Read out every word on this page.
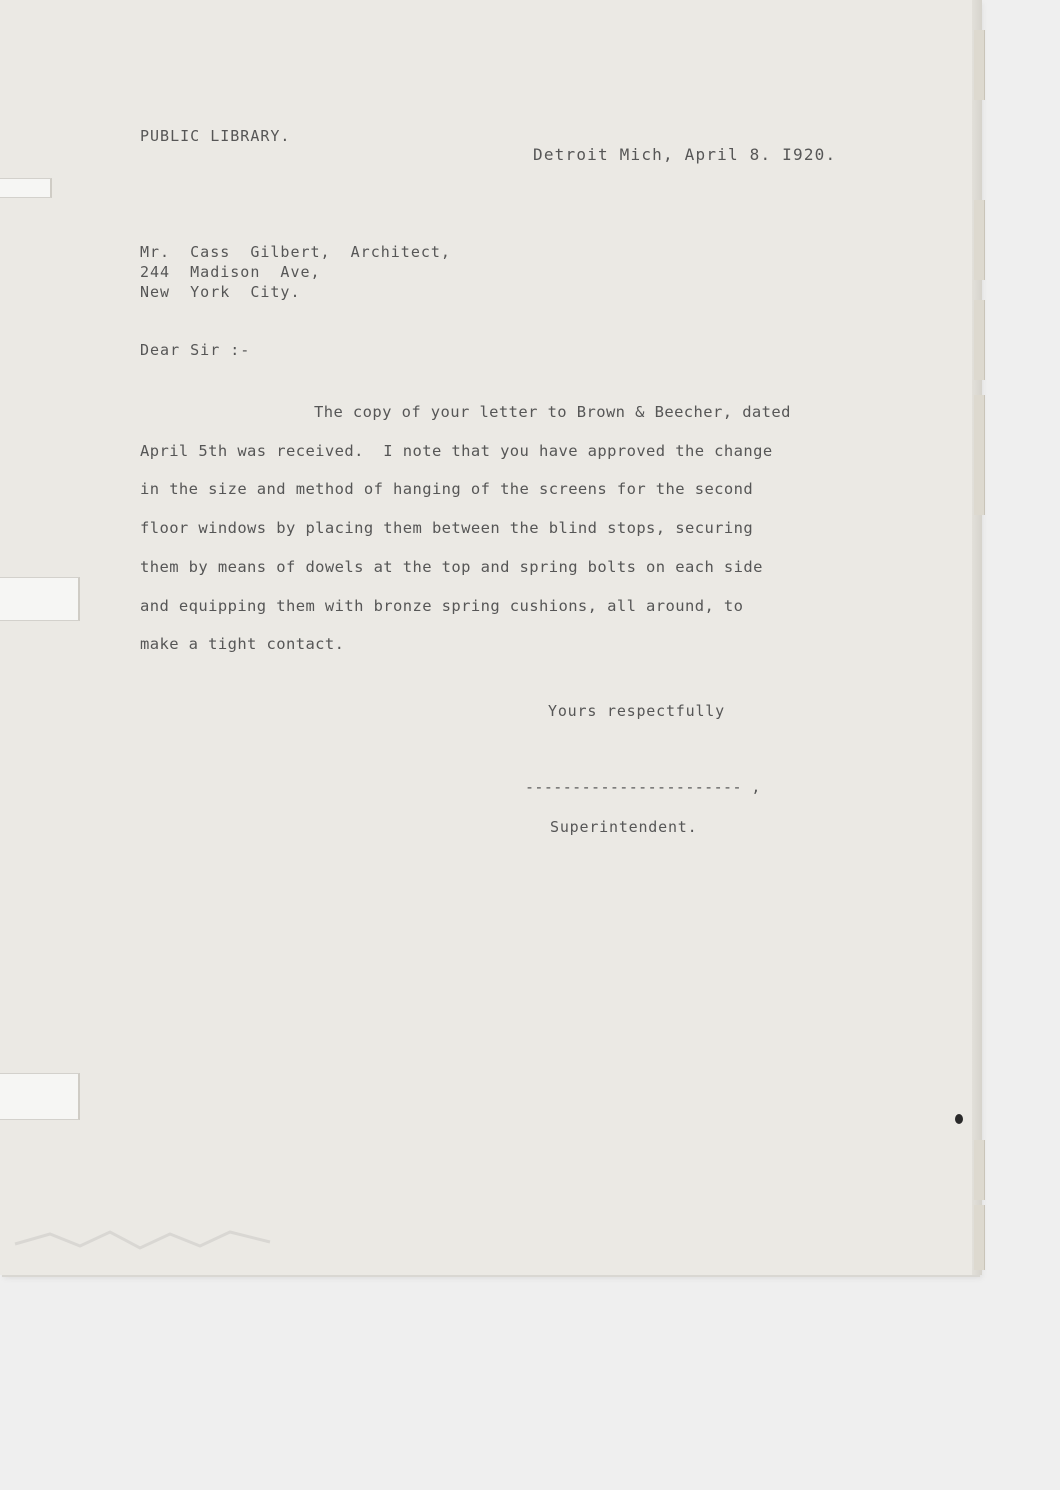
PUBLIC LIBRARY.
Detroit Mich, April 8. I920.
Mr.  Cass  Gilbert,  Architect,
244  Madison  Ave,
New  York  City.
Dear Sir :-
The copy of your letter to Brown & Beecher, dated
April 5th was received.  I note that you have approved the change
in the size and method of hanging of the screens for the second
floor windows by placing them between the blind stops, securing
them by means of dowels at the top and spring bolts on each side
and equipping them with bronze spring cushions, all around, to
make a tight contact.
Yours respectfully
----------------------- ,
Superintendent.
